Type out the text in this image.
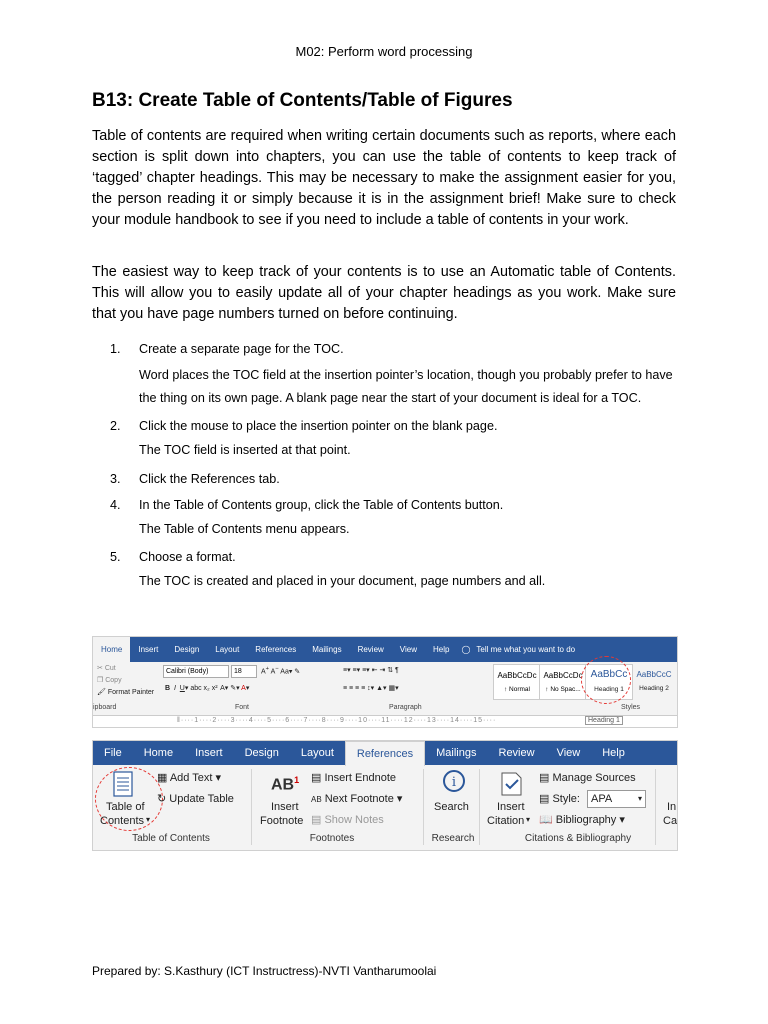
M02: Perform word processing
B13: Create Table of Contents/Table of Figures

Table of contents are required when writing certain documents such as reports, where each section is split down into chapters, you can use the table of contents to keep track of ‘tagged’ chapter headings. This may be necessary to make the assignment easier for you, the person reading it or simply because it is in the assignment brief! Make sure to check your module handbook to see if you need to include a table of contents in your work.

The easiest way to keep track of your contents is to use an Automatic table of Contents. This will allow you to easily update all of your chapter headings as you work. Make sure that you have page numbers turned on before continuing.

1.	Create a separate page for the TOC.
Word places the TOC field at the insertion pointer’s location, though you probably prefer to have the thing on its own page. A blank page near the start of your document is ideal for a TOC.
2.	Click the mouse to place the insertion pointer on the blank page.
The TOC field is inserted at that point.
3.	Click the References tab.
4.	In the Table of Contents group, click the Table of Contents button.
The Table of Contents menu appears.
5.	Choose a format.
The TOC is created and placed in your document, page numbers and all.
Home	Insert	Design	Layout	References	Mailings	Review	View	Help	◯ Tell me what you want to do
✂ Cut
❐ Copy
🖌 Format Painter
Calibri (Body)	18	A+ A− Aa▾ ✎
B I U▾ abc x₂ x²  A▾ ✎▾ A▾
≡▾ ≡▾ ≡▾ ⇤ ⇥ ⇅ ¶
≡ ≡ ≡ ≡ ↕▾ ▲▾ ▦▾
AaBbCcDc
↑ Normal
AaBbCcDc
↑ No Spac...
AaBbCc
Heading 1
AaBbCcC
Heading 2
ipboard	Font	Paragraph	Styles
‖····1····2····3····4····5····6····7····8····9····10····11····12····13····14····15····	Heading 1
File	Home	Insert	Design	Layout	References	Mailings	Review	View	Help
Table of
Contents ▾
▦ Add Text ▾
↻ Update Table
Table of Contents
$AB^1$
Insert
Footnote
▤ Insert Endnote
AB Next Footnote ▾
▤ Show Notes
Footnotes
i
Search
Research
Insert
Citation ▾
▤ Manage Sources
▤ Style:	APA	▾
📖 Bibliography ▾
Citations & Bibliography
In
Ca
Prepared by: S.Kasthury (ICT Instructress)-NVTI Vantharumoolai
